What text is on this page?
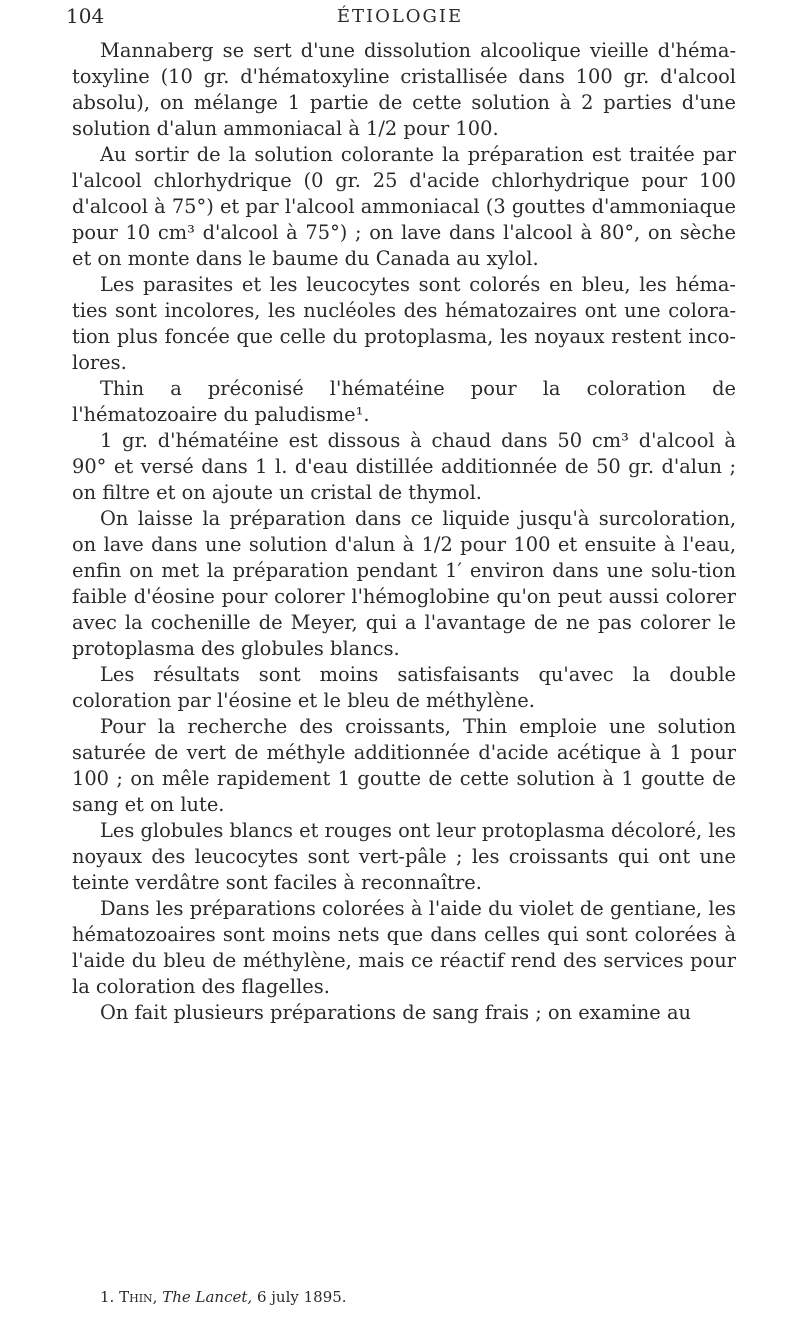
104	ÉTIOLOGIE

Mannaberg se sert d'une dissolution alcoolique vieille d'héma-toxyline (10 gr. d'hématoxyline cristallisée dans 100 gr. d'alcool absolu), on mélange 1 partie de cette solution à 2 parties d'une solution d'alun ammoniacal à 1/2 pour 100.

Au sortir de la solution colorante la préparation est traitée par l'alcool chlorhydrique (0 gr. 25 d'acide chlorhydrique pour 100 d'alcool à 75°) et par l'alcool ammoniacal (3 gouttes d'ammoniaque pour 10 cm³ d'alcool à 75°) ; on lave dans l'alcool à 80°, on sèche et on monte dans le baume du Canada au xylol.

Les parasites et les leucocytes sont colorés en bleu, les héma-ties sont incolores, les nucléoles des hématozaires ont une colora-tion plus foncée que celle du protoplasma, les noyaux restent inco-lores.

Thin a préconisé l'hématéine pour la coloration de l'hématozoaire du paludisme¹.

1 gr. d'hématéine est dissous à chaud dans 50 cm³ d'alcool à 90° et versé dans 1 l. d'eau distillée additionnée de 50 gr. d'alun ; on filtre et on ajoute un cristal de thymol.

On laisse la préparation dans ce liquide jusqu'à surcoloration, on lave dans une solution d'alun à 1/2 pour 100 et ensuite à l'eau, enfin on met la préparation pendant 1′ environ dans une solu-tion faible d'éosine pour colorer l'hémoglobine qu'on peut aussi colorer avec la cochenille de Meyer, qui a l'avantage de ne pas colorer le protoplasma des globules blancs.

Les résultats sont moins satisfaisants qu'avec la double coloration par l'éosine et le bleu de méthylène.

Pour la recherche des croissants, Thin emploie une solution saturée de vert de méthyle additionnée d'acide acétique à 1 pour 100 ; on mêle rapidement 1 goutte de cette solution à 1 goutte de sang et on lute.

Les globules blancs et rouges ont leur protoplasma décoloré, les noyaux des leucocytes sont vert-pâle ; les croissants qui ont une teinte verdâtre sont faciles à reconnaître.

Dans les préparations colorées à l'aide du violet de gentiane, les hématozoaires sont moins nets que dans celles qui sont colorées à l'aide du bleu de méthylène, mais ce réactif rend des services pour la coloration des flagelles.

On fait plusieurs préparations de sang frais ; on examine au

1. Thin, The Lancet, 6 july 1895.
